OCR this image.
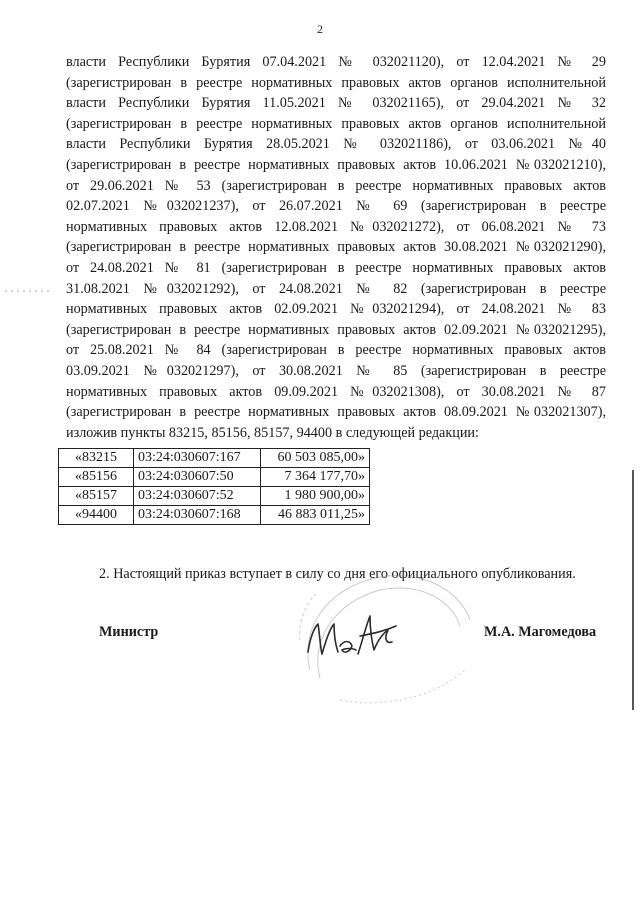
2
власти Республики Бурятия 07.04.2021 № 032021120), от 12.04.2021 № 29
(зарегистрирован в реестре нормативных правовых актов органов исполнительной
власти Республики Бурятия 11.05.2021 № 032021165), от 29.04.2021 № 32
(зарегистрирован в реестре нормативных правовых актов органов исполнительной
власти Республики Бурятия 28.05.2021 № 032021186), от 03.06.2021 №40
(зарегистрирован в реестре нормативных правовых актов 10.06.2021 №032021210),
от 29.06.2021 № 53 (зарегистрирован в реестре нормативных правовых актов
02.07.2021 №032021237), от 26.07.2021 № 69 (зарегистрирован в реестре
нормативных правовых актов 12.08.2021 №032021272), от 06.08.2021 № 73
(зарегистрирован в реестре нормативных правовых актов 30.08.2021 №032021290),
от 24.08.2021 № 81 (зарегистрирован в реестре нормативных правовых актов
31.08.2021 №032021292), от 24.08.2021 № 82 (зарегистрирован в реестре
нормативных правовых актов 02.09.2021 №032021294), от 24.08.2021 № 83
(зарегистрирован в реестре нормативных правовых актов 02.09.2021 №032021295),
от 25.08.2021 № 84 (зарегистрирован в реестре нормативных правовых актов
03.09.2021 №032021297), от 30.08.2021 № 85 (зарегистрирован в реестре
нормативных правовых актов 09.09.2021 №032021308), от 30.08.2021 № 87
(зарегистрирован в реестре нормативных правовых актов 08.09.2021 №032021307),
изложив пункты 83215, 85156, 85157, 94400 в следующей редакции:
«83215	03:24:030607:167	60 503 085,00»
«85156	03:24:030607:50	7 364 177,70»
«85157	03:24:030607:52	1 980 900,00»
«94400	03:24:030607:168	46 883 011,25»
2. Настоящий приказ вступает в силу со дня его официального опубликования.
Министр	М.А. Магомедова
